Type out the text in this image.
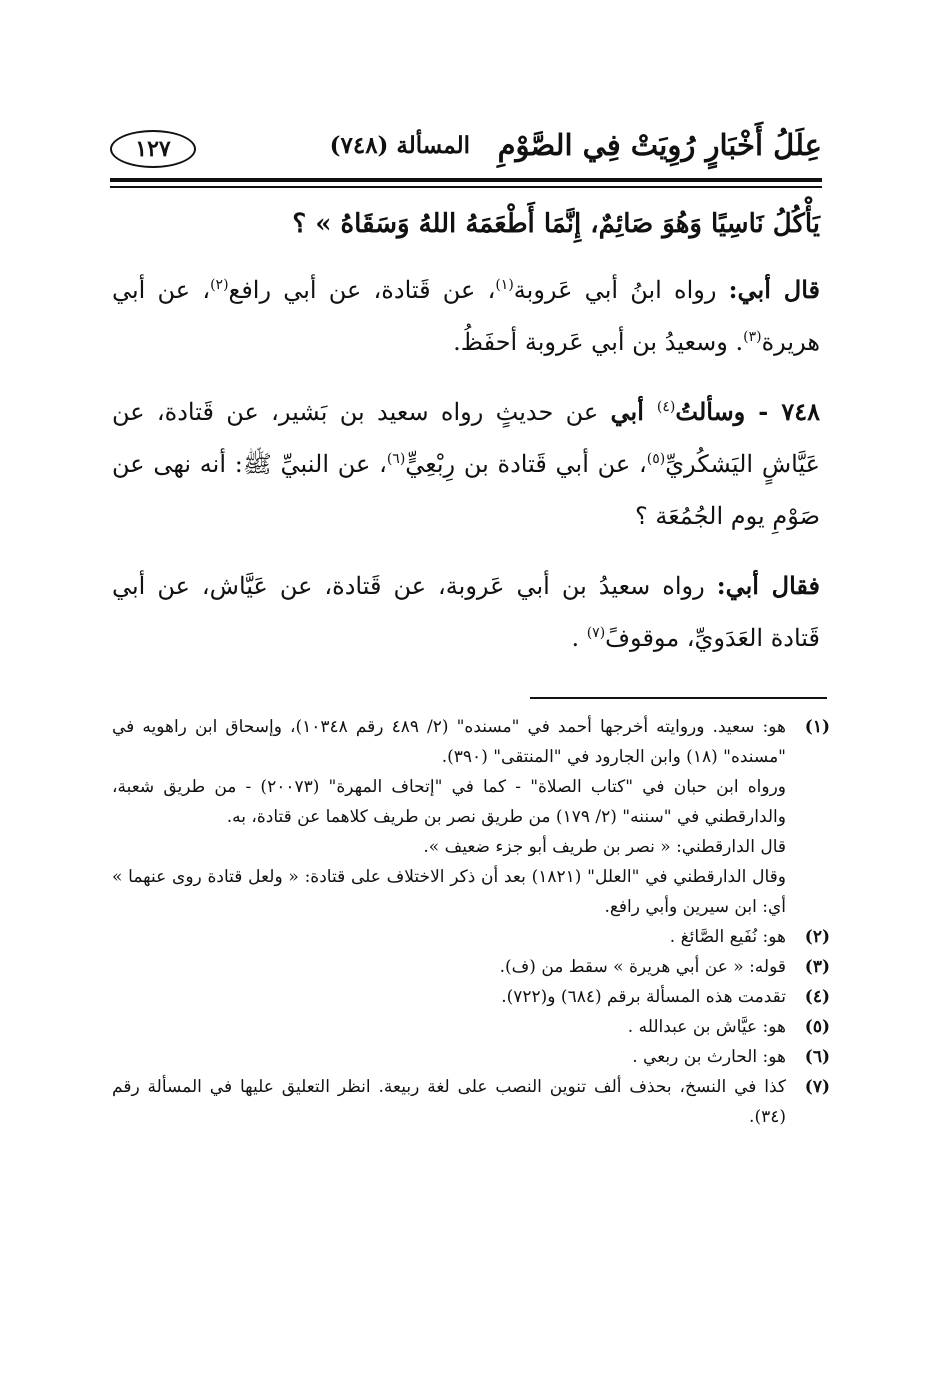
عِلَلُ أَخْبَارٍ رُوِيَتْ فِي الصَّوْمِ
المسألة (٧٤٨)
١٢٧

يَأْكُلُ نَاسِيًا وَهُوَ صَائِمٌ، إِنَّمَا أَطْعَمَهُ اللهُ وَسَقَاهُ » ؟

قال أبي: رواه ابنُ أبي عَروبة$^{(١)}$، عن قَتادة، عن أبي رافع$^{(٢)}$، عن أبي هريرة$^{(٣)}$. وسعيدُ بن أبي عَروبة أحفَظُ.

٧٤٨ - وسألتُ$^{(٤)}$ أبي عن حديثٍ رواه سعيد بن بَشير، عن قَتادة، عن عَيَّاشٍ اليَشكُريِّ$^{(٥)}$، عن أبي قَتادة بن رِبْعِيٍّ$^{(٦)}$، عن النبيِّ ﷺ: أنه نهى عن صَوْمِ يوم الجُمُعَة ؟

فقال أبي: رواه سعيدُ بن أبي عَروبة، عن قَتادة، عن عَيَّاش، عن أبي قَتادة العَدَويِّ، موقوفً$^{(٧)}$ .

(١)
هو: سعيد. وروايته أخرجها أحمد في "مسنده" (٢/ ٤٨٩ رقم ١٠٣٤٨)، وإسحاق ابن راهويه في "مسنده" (١٨) وابن الجارود في "المنتقى" (٣٩٠).
ورواه ابن حبان في "كتاب الصلاة" - كما في "إتحاف المهرة" (٢٠٠٧٣) - من طريق شعبة، والدارقطني في "سننه" (٢/ ١٧٩) من طريق نصر بن طريف كلاهما عن قتادة، به.
قال الدارقطني: « نصر بن طريف أبو جزء ضعيف ».
وقال الدارقطني في "العلل" (١٨٢١) بعد أن ذكر الاختلاف على قتادة: « ولعل قتادة روى عنهما » أي: ابن سيرين وأبي رافع.
(٢)
هو: نُفَيع الصَّائغ .
(٣)
قوله: « عن أبي هريرة » سقط من (ف).
(٤)
تقدمت هذه المسألة برقم (٦٨٤) و(٧٢٢).
(٥)
هو: عيَّاش بن عبدالله .
(٦)
هو: الحارث بن ربعي .
(٧)
كذا في النسخ، بحذف ألف تنوين النصب على لغة ربيعة. انظر التعليق عليها في المسألة رقم (٣٤).
